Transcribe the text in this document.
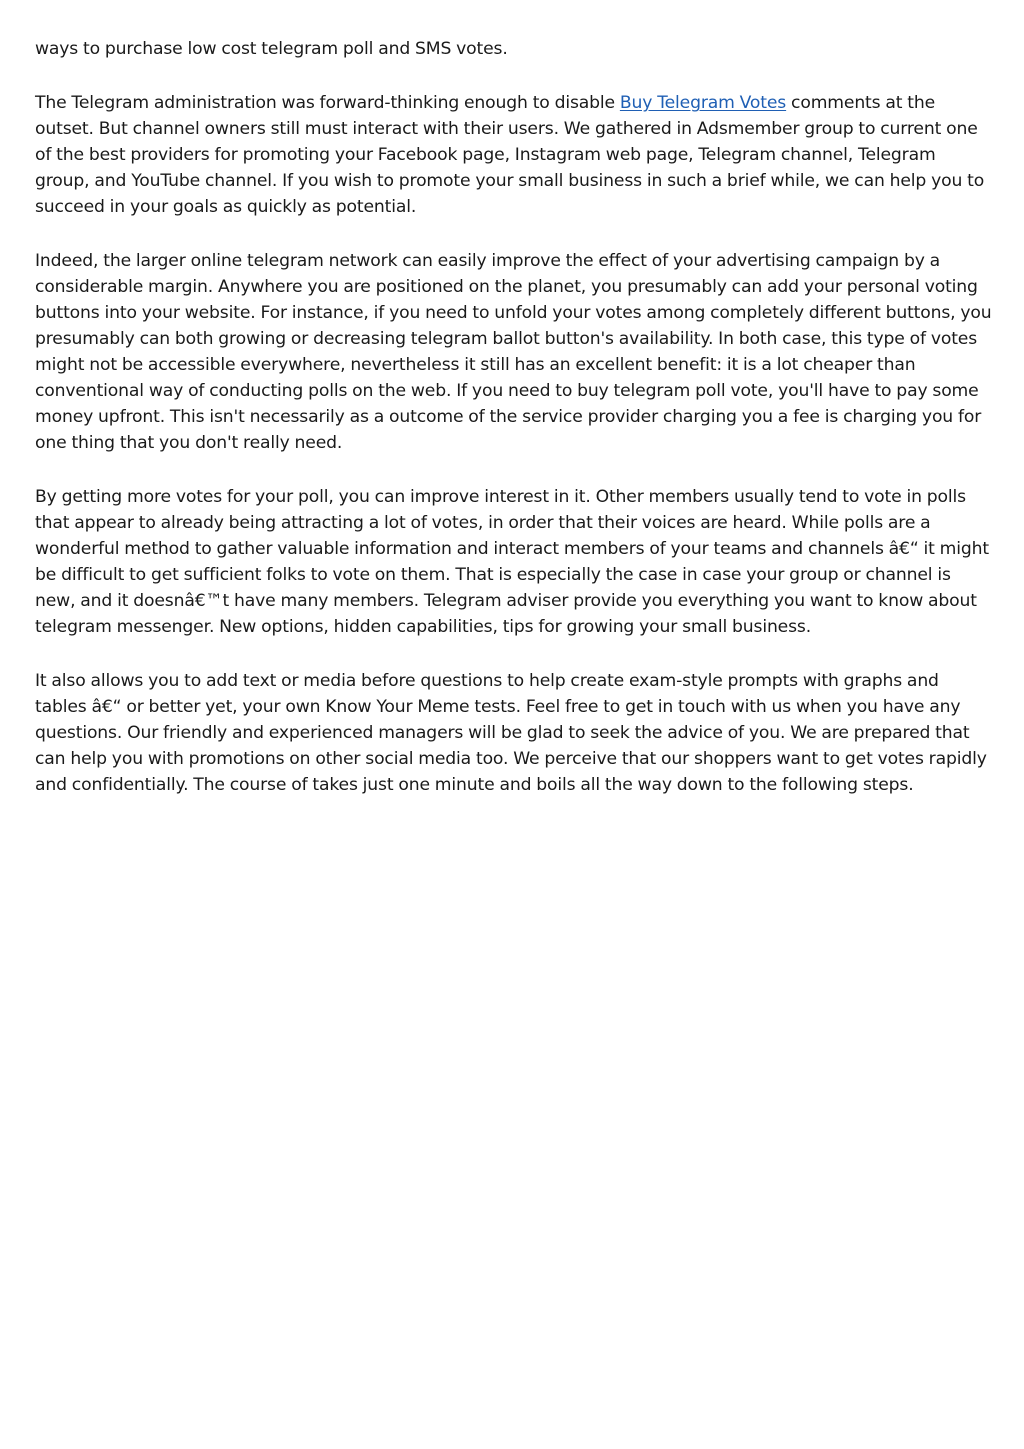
ways to purchase low cost telegram poll and SMS votes.

The Telegram administration was forward-thinking enough to disable Buy Telegram Votes comments at the outset. But channel owners still must interact with their users. We gathered in Adsmember group to current one of the best providers for promoting your Facebook page, Instagram web page, Telegram channel, Telegram group, and YouTube channel. If you wish to promote your small business in such a brief while, we can help you to succeed in your goals as quickly as potential.

Indeed, the larger online telegram network can easily improve the effect of your advertising campaign by a considerable margin. Anywhere you are positioned on the planet, you presumably can add your personal voting buttons into your website. For instance, if you need to unfold your votes among completely different buttons, you presumably can both growing or decreasing telegram ballot button's availability. In both case, this type of votes might not be accessible everywhere, nevertheless it still has an excellent benefit: it is a lot cheaper than conventional way of conducting polls on the web. If you need to buy telegram poll vote, you'll have to pay some money upfront. This isn't necessarily as a outcome of the service provider charging you a fee is charging you for one thing that you don't really need.

By getting more votes for your poll, you can improve interest in it. Other members usually tend to vote in polls that appear to already being attracting a lot of votes, in order that their voices are heard. While polls are a wonderful method to gather valuable information and interact members of your teams and channels â€“ it might be difficult to get sufficient folks to vote on them. That is especially the case in case your group or channel is new, and it doesnâ€™t have many members. Telegram adviser provide you everything you want to know about telegram messenger. New options, hidden capabilities, tips for growing your small business.

It also allows you to add text or media before questions to help create exam-style prompts with graphs and tables â€“ or better yet, your own Know Your Meme tests. Feel free to get in touch with us when you have any questions. Our friendly and experienced managers will be glad to seek the advice of you. We are prepared that can help you with promotions on other social media too. We perceive that our shoppers want to get votes rapidly and confidentially. The course of takes just one minute and boils all the way down to the following steps.
